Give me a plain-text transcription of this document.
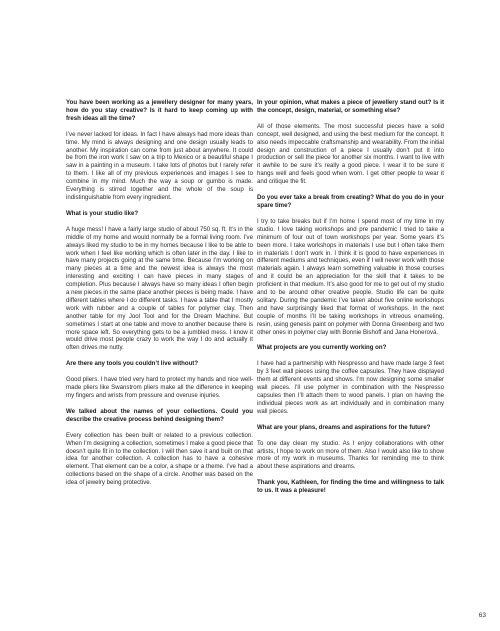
You have been working as a jewellery designer for many years, how do you stay creative? Is it hard to keep coming up with fresh ideas all the time?

I’ve never lacked for ideas. In fact I have always had more ideas than time. My mind is always designing and one design usually leads to another. My inspiration can come from just about anywhere. It could be from the iron work I saw on a trip to Mexico or a beautiful shape I saw in a painting in a museum. I take lots of photos but I rarely refer to them. I like all of my previous experiences and images I see to combine in my mind. Much the way a soup or gumbo is made. Everything is stirred together and the whole of the soup is indistinguishable from every ingredient.

What is your studio like?

A huge mess! I have a fairly large studio of about 750 sq. ft. It’s in the middle of my home and would normally be a formal living room. I’ve always liked my studio to be in my homes because I like to be able to work when I feel like working which is often later in the day. I like to have many projects going at the same time. Because I’m working on many pieces at a time and the newest idea is always the most interesting and exciting I can have pieces in many stages of completion. Plus because I always have so many ideas I often begin a new pieces in the same place another pieces is being made. I have different tables where I do different tasks. I have a table that I mostly work with rubber and a couple of tables for polymer clay. Then another table for my Jool Tool and for the Dream Machine. But sometimes I start at one table and move to another because there is more space left. So everything gets to be a jumbled mess. I know it would drive most people crazy to work the way I do and actually it often drives me nutty.

Are there any tools you couldn’t live without?

Good pliers. I have tried very hard to protect my hands and nice well-made pliers like Swanstrom pliers make all the difference in keeping my fingers and wrists from pressure and overuse injuries.

We talked about the names of your collections. Could you describe the creative process behind designing them?

Every collection has been built or related to a previous collection. When I’m designing a collection, sometimes I make a good piece that doesn’t quite fit in to the collection. I will then save it and built on that idea for another collection. A collection has to have a cohesive element. That element can be a color, a shape or a theme. I’ve had a collections based on the shape of a circle. Another was based on the idea of jewelry being protective.

In your opinion, what makes a piece of jewellery stand out? Is it the concept, design, material, or something else?

All of those elements. The most successful pieces have a solid concept, well designed, and using the best medium for the concept. It also needs impeccable craftsmanship and wearability. From the initial design and construction of a piece I usually don’t put it into production or sell the piece for another six months. I want to live with it awhile to be sure it’s really a good piece. I wear it to be sure it hangs well and feels good when worn. I get other people to wear it and critique the fit.

Do you ever take a break from creating? What do you do in your spare time?

I try to take breaks but if I’m home I spend most of my time in my studio. I love taking workshops and pre pandemic I tried to take a minimum of four out of town workshops per year. Some years it’s been more. I take workshops in materials I use but I often take them in materials I don’t work in. I think it is good to have experiences in different mediums and techniques, even if I will never work with those materials again. I always learn something valuable in those courses and it could be an appreciation for the skill that it takes to be proficient in that medium. It’s also good for me to get out of my studio and to be around other creative people. Studio life can be quite solitary. During the pandemic I’ve taken about five online workshops and have surprisingly liked that format of workshops. In the next couple of months I’ll be taking workshops in vitreous enameling, resin, using genesis paint on polymer with Donna Greenberg and two other ones in polymer clay with Bonnie Bishoff and Jana Honerová.

What projects are you currently working on?

I have had a partnership with Nespresso and have made large 3 feet by 3 feet wall pieces using the coffee capsules. They have displayed them at different events and shows. I’m now designing some smaller wall pieces. I’ll use polymer in combination with the Nespresso capsules then I’ll attach them to wood panels. I plan on having the individual pieces work as art individually and in combination many wall pieces.

What are your plans, dreams and aspirations for the future?

To one day clean my studio. As I enjoy collaborations with other artists, I hope to work on more of them. Also I would also like to show more of my work in museums. Thanks for reminding me to think about these aspirations and dreams.

Thank you, Kathleen, for finding the time and willingness to talk to us. It was a pleasure!

63
